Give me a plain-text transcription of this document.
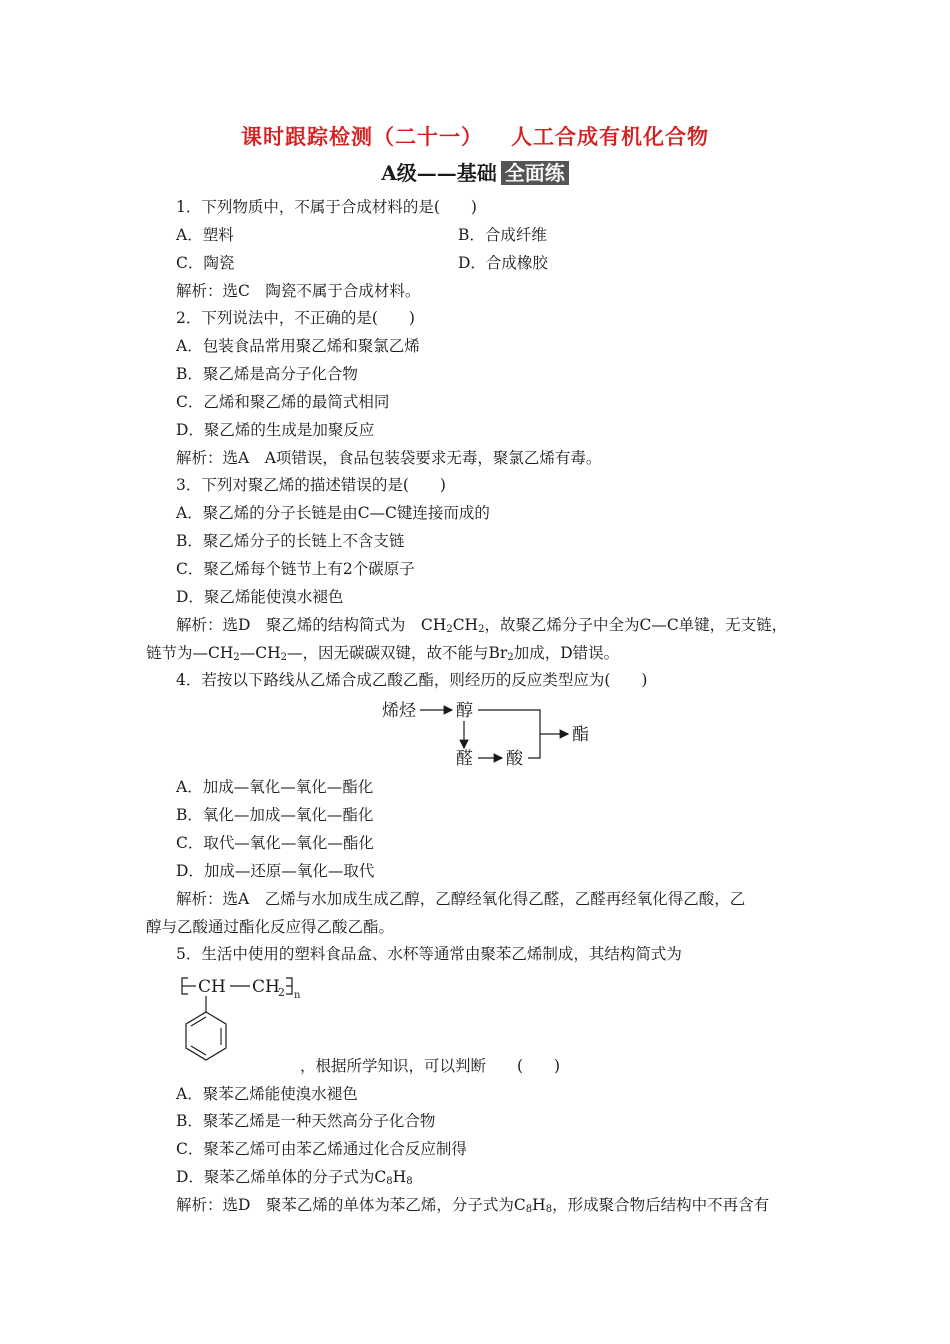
课时跟踪检测（二十一） 人工合成有机化合物
A级——基础 全面练
1．下列物质中，不属于合成材料的是(　　)
A．塑料	B．合成纤维
C．陶瓷	D．合成橡胶
解析：选C　陶瓷不属于合成材料。
2．下列说法中，不正确的是(　　)
A．包装食品常用聚乙烯和聚氯乙烯
B．聚乙烯是高分子化合物
C．乙烯和聚乙烯的最简式相同
D．聚乙烯的生成是加聚反应
解析：选A　A项错误，食品包装袋要求无毒，聚氯乙烯有毒。
3．下列对聚乙烯的描述错误的是(　　)
A．聚乙烯的分子长链是由C—C键连接而成的
B．聚乙烯分子的长链上不含支链
C．聚乙烯每个链节上有2个碳原子
D．聚乙烯能使溴水褪色
解析：选D　聚乙烯的结构简式为　$CH_2CH_2$，故聚乙烯分子中全为C—C单键，无支链，
链节为$—CH_2—CH_2—$，因无碳碳双键，故不能与$Br_2$加成，D错误。
4．若按以下路线从乙烯合成乙酸乙酯，则经历的反应类型应为(　　)
烯烃 醇
醛 酸
酯
A．加成—氧化—氧化—酯化
B．氧化—加成—氧化—酯化
C．取代—氧化—氧化—酯化
D．加成—还原—氧化—取代
解析：选A　乙烯与水加成生成乙醇，乙醇经氧化得乙醛，乙醛再经氧化得乙酸，乙
醇与乙酸通过酯化反应得乙酸乙酯。
5．生活中使用的塑料食品盒、水杯等通常由聚苯乙烯制成，其结构简式为
CH CH
2 n
，根据所学知识，可以判断　　(　　)
A．聚苯乙烯能使溴水褪色
B．聚苯乙烯是一种天然高分子化合物
C．聚苯乙烯可由苯乙烯通过化合反应制得
D．聚苯乙烯单体的分子式为$C_8H_8$
解析：选D　聚苯乙烯的单体为苯乙烯，分子式为$C_8H_8$，形成聚合物后结构中不再含有
